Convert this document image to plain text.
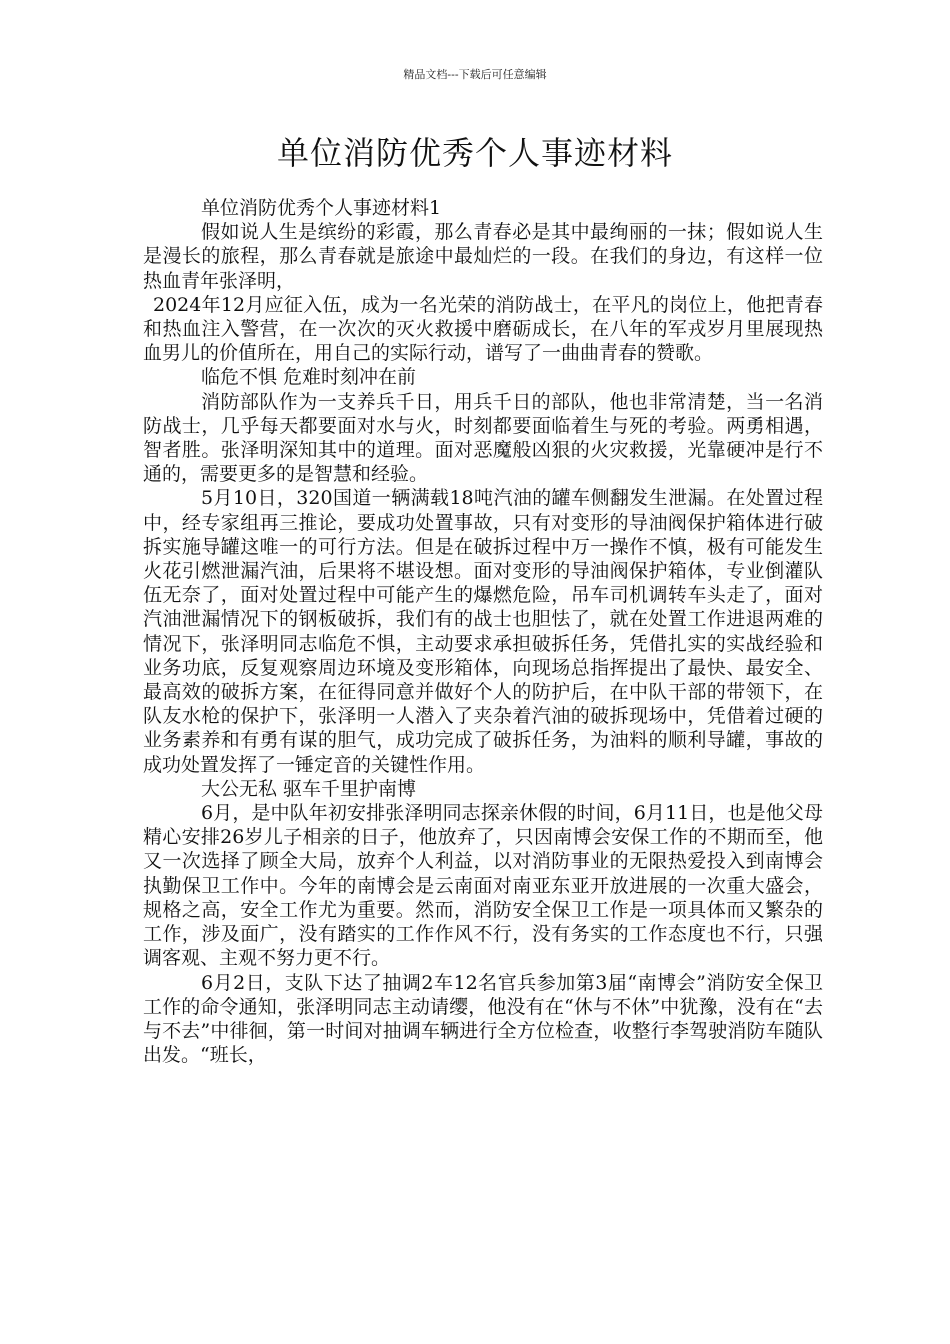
精品文档---下载后可任意编辑
单位消防优秀个人事迹材料

单位消防优秀个人事迹材料1

假如说人生是缤纷的彩霞，那么青春必是其中最绚丽的一抹；假如说人生是漫长的旅程，那么青春就是旅途中最灿烂的一段。在我们的身边，有这样一位热血青年张泽明，

2024年12月应征入伍，成为一名光荣的消防战士，在平凡的岗位上，他把青春和热血注入警营，在一次次的灭火救援中磨砺成长，在八年的军戎岁月里展现热血男儿的价值所在，用自己的实际行动，谱写了一曲曲青春的赞歌。

临危不惧 危难时刻冲在前

消防部队作为一支养兵千日，用兵千日的部队，他也非常清楚，当一名消防战士，几乎每天都要面对水与火，时刻都要面临着生与死的考验。两勇相遇，智者胜。张泽明深知其中的道理。面对恶魔般凶狠的火灾救援，光靠硬冲是行不通的，需要更多的是智慧和经验。

5月10日，320国道一辆满载18吨汽油的罐车侧翻发生泄漏。在处置过程中，经专家组再三推论，要成功处置事故，只有对变形的导油阀保护箱体进行破拆实施导罐这唯一的可行方法。但是在破拆过程中万一操作不慎，极有可能发生火花引燃泄漏汽油，后果将不堪设想。面对变形的导油阀保护箱体，专业倒灌队伍无奈了，面对处置过程中可能产生的爆燃危险，吊车司机调转车头走了，面对汽油泄漏情况下的钢板破拆，我们有的战士也胆怯了，就在处置工作进退两难的情况下，张泽明同志临危不惧，主动要求承担破拆任务，凭借扎实的实战经验和业务功底，反复观察周边环境及变形箱体，向现场总指挥提出了最快、最安全、最高效的破拆方案，在征得同意并做好个人的防护后，在中队干部的带领下，在队友水枪的保护下，张泽明一人潜入了夹杂着汽油的破拆现场中，凭借着过硬的业务素养和有勇有谋的胆气，成功完成了破拆任务，为油料的顺利导罐，事故的成功处置发挥了一锤定音的关键性作用。

大公无私 驱车千里护南博

6月，是中队年初安排张泽明同志探亲休假的时间，6月11日，也是他父母精心安排26岁儿子相亲的日子，他放弃了，只因南博会安保工作的不期而至，他又一次选择了顾全大局，放弃个人利益，以对消防事业的无限热爱投入到南博会执勤保卫工作中。今年的南博会是云南面对南亚东亚开放进展的一次重大盛会，规格之高，安全工作尤为重要。然而，消防安全保卫工作是一项具体而又繁杂的工作，涉及面广，没有踏实的工作作风不行，没有务实的工作态度也不行，只强调客观、主观不努力更不行。

6月2日，支队下达了抽调2车12名官兵参加第3届“南博会”消防安全保卫工作的命令通知，张泽明同志主动请缨，他没有在“休与不休”中犹豫，没有在“去与不去”中徘徊，第一时间对抽调车辆进行全方位检查，收整行李驾驶消防车随队出发。“班长，
